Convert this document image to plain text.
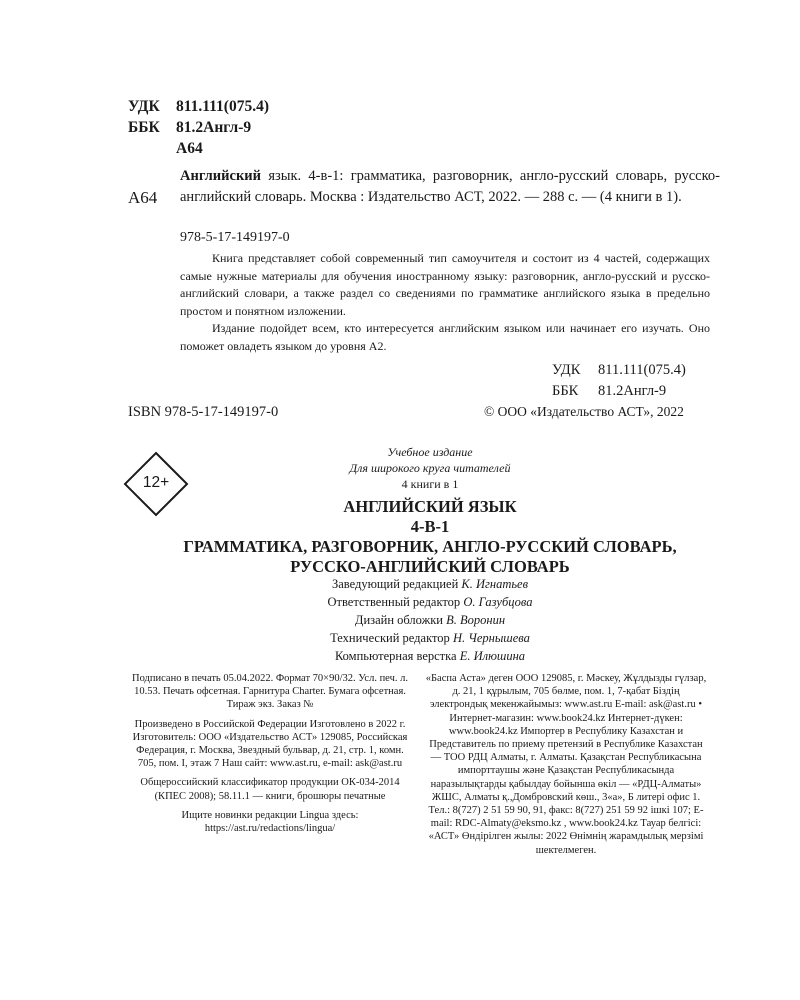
УДК	811.111(075.4)
ББК	81.2Англ-9
А64
А64
Английский язык. 4-в-1: грамматика, разговорник, англо-русский словарь, русско-английский словарь. Москва : Издательство АСТ, 2022. — 288 с. — (4 книги в 1).
978-5-17-149197-0

Книга представляет собой современный тип самоучителя и состоит из 4 частей, содержащих самые нужные материалы для обучения иностранному языку: разговорник, англо-русский и русско-английский словари, а также раздел со сведениями по грамматике английского языка в предельно простом и понятном изложении.

Издание подойдет всем, кто интересуется английским языком или начинает его изучать. Оно поможет овладеть языком до уровня А2.

УДК	811.111(075.4)
ББК	81.2Англ-9
ISBN 978-5-17-149197-0	© ООО «Издательство АСТ», 2022
Учебное издание
Для широкого круга читателей
4 книги в 1
12+
АНГЛИЙСКИЙ ЯЗЫК
4-В-1
ГРАММАТИКА, РАЗГОВОРНИК, АНГЛО-РУССКИЙ СЛОВАРЬ,
РУССКО-АНГЛИЙСКИЙ СЛОВАРЬ
Заведующий редакцией К. Игнатьев
Ответственный редактор О. Газубцова
Дизайн обложки В. Воронин
Технический редактор Н. Чернышева
Компьютерная верстка Е. Илюшина

Подписано в печать 05.04.2022. Формат 70×90/32. Усл. печ. л. 10.53. Печать офсетная. Гарнитура Charter. Бумага офсетная. Тираж экз. Заказ №

Произведено в Российской Федерации Изготовлено в 2022 г. Изготовитель: ООО «Издательство АСТ» 129085, Российская Федерация, г. Москва, Звездный бульвар, д. 21, стр. 1, комн. 705, пом. I, этаж 7 Наш сайт: www.ast.ru, e-mail: ask@ast.ru

Общероссийский классификатор продукции ОК-034-2014 (КПЕС 2008); 58.11.1 — книги, брошюры печатные

Ищите новинки редакции Lingua здесь: https://ast.ru/redactions/lingua/

«Баспа Аста» деген ООО 129085, г. Мәскеу, Жұлдызды гүлзар, д. 21, 1 құрылым, 705 бөлме, пом. 1, 7-қабат Біздің электрондық мекенжайымыз: www.ast.ru E-mail: ask@ast.ru • Интернет-магазин: www.book24.kz Интернет-дүкен: www.book24.kz Импортер в Республику Казахстан и Представитель по приему претензий в Республике Казахстан — ТОО РДЦ Алматы, г. Алматы. Қазақстан Республикасына импорттаушы және Қазақстан Республикасында наразылықтарды қабылдау бойынша өкіл — «РДЦ-Алматы» ЖШС, Алматы қ.,Домбровский көш., 3«а», Б литері офис 1. Тел.: 8(727) 2 51 59 90, 91, факс: 8(727) 251 59 92 ішкі 107; E-mail: RDC-Almaty@eksmo.kz , www.book24.kz Тауар белгісі: «АСТ» Өндірілген жылы: 2022 Өнімнің жарамдылық мерзімі шектелмеген.
